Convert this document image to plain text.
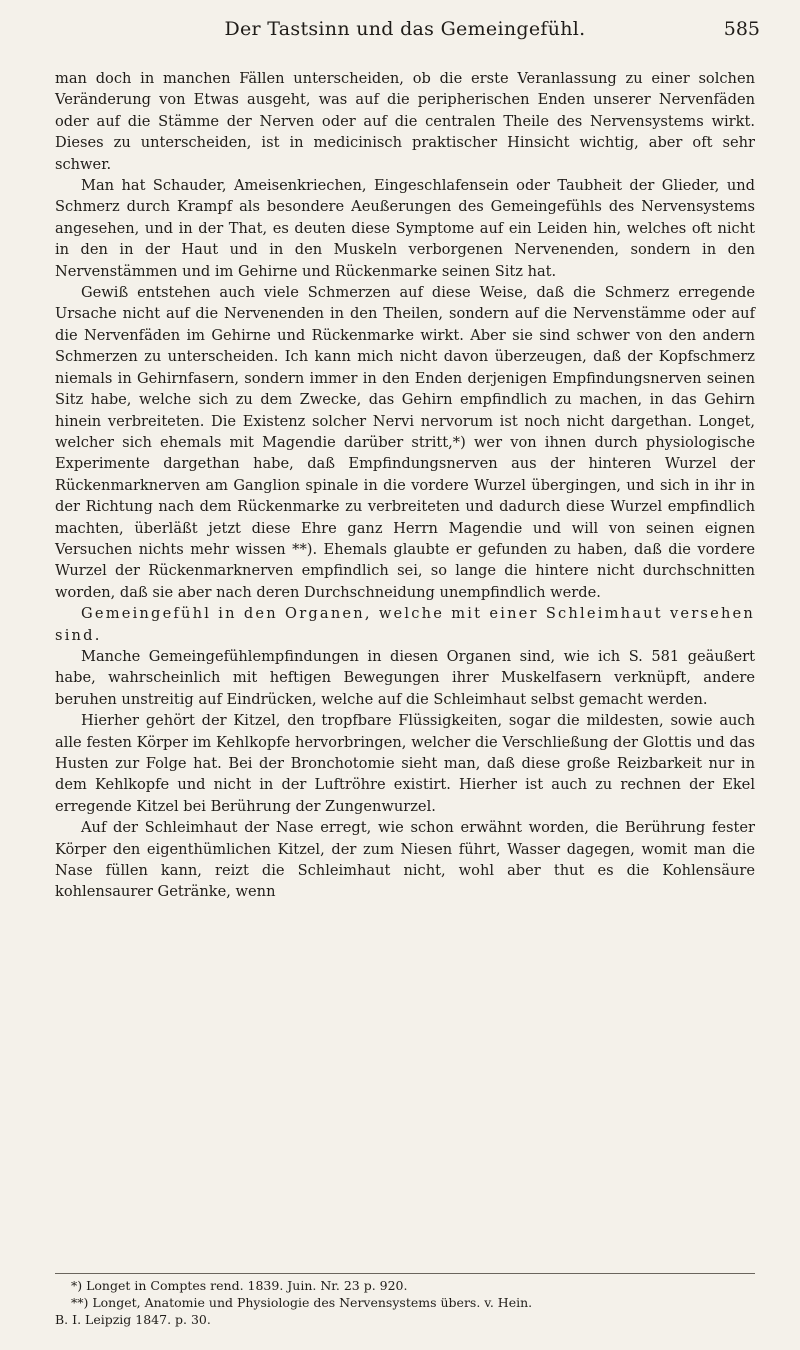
Der Tastsinn und das Gemeingefühl.	585

man doch in manchen Fällen unterscheiden, ob die erste Veranlassung zu einer solchen Veränderung von Etwas ausgeht, was auf die peripherischen Enden unserer Nervenfäden oder auf die Stämme der Nerven oder auf die centralen Theile des Nervensystems wirkt. Dieses zu unterscheiden, ist in medicinisch praktischer Hinsicht wichtig, aber oft sehr schwer.

Man hat Schauder, Ameisenkriechen, Eingeschlafensein oder Taubheit der Glieder, und Schmerz durch Krampf als besondere Aeußerungen des Gemeingefühls des Nervensystems angesehen, und in der That, es deuten diese Symptome auf ein Leiden hin, welches oft nicht in den in der Haut und in den Muskeln verborgenen Nervenenden, sondern in den Nervenstämmen und im Gehirne und Rückenmarke seinen Sitz hat.

Gewiß entstehen auch viele Schmerzen auf diese Weise, daß die Schmerz erregende Ursache nicht auf die Nervenenden in den Theilen, sondern auf die Nervenstämme oder auf die Nervenfäden im Gehirne und Rückenmarke wirkt. Aber sie sind schwer von den andern Schmerzen zu unterscheiden. Ich kann mich nicht davon überzeugen, daß der Kopfschmerz niemals in Gehirnfasern, sondern immer in den Enden derjenigen Empfindungsnerven seinen Sitz habe, welche sich zu dem Zwecke, das Gehirn empfindlich zu machen, in das Gehirn hinein verbreiteten. Die Existenz solcher Nervi nervorum ist noch nicht dargethan. Longet, welcher sich ehemals mit Magendie darüber stritt,*) wer von ihnen durch physiologische Experimente dargethan habe, daß Empfindungsnerven aus der hinteren Wurzel der Rückenmarknerven am Ganglion spinale in die vordere Wurzel übergingen, und sich in ihr in der Richtung nach dem Rückenmarke zu verbreiteten und dadurch diese Wurzel empfindlich machten, überläßt jetzt diese Ehre ganz Herrn Magendie und will von seinen eignen Versuchen nichts mehr wissen **). Ehemals glaubte er gefunden zu haben, daß die vordere Wurzel der Rückenmarknerven empfindlich sei, so lange die hintere nicht durchschnitten worden, daß sie aber nach deren Durchschneidung unempfindlich werde.

Gemeingefühl in den Organen, welche mit einer Schleimhaut versehen sind.

Manche Gemeingefühlempfindungen in diesen Organen sind, wie ich S. 581 geäußert habe, wahrscheinlich mit heftigen Bewegungen ihrer Muskelfasern verknüpft, andere beruhen unstreitig auf Eindrücken, welche auf die Schleimhaut selbst gemacht werden.

Hierher gehört der Kitzel, den tropfbare Flüssigkeiten, sogar die mildesten, sowie auch alle festen Körper im Kehlkopfe hervorbringen, welcher die Verschließung der Glottis und das Husten zur Folge hat. Bei der Bronchotomie sieht man, daß diese große Reizbarkeit nur in dem Kehlkopfe und nicht in der Luftröhre existirt. Hierher ist auch zu rechnen der Ekel erregende Kitzel bei Berührung der Zungenwurzel.

Auf der Schleimhaut der Nase erregt, wie schon erwähnt worden, die Berührung fester Körper den eigenthümlichen Kitzel, der zum Niesen führt, Wasser dagegen, womit man die Nase füllen kann, reizt die Schleimhaut nicht, wohl aber thut es die Kohlensäure kohlensaurer Getränke, wenn

*) Longet in Comptes rend. 1839. Juin. Nr. 23 p. 920.

**) Longet, Anatomie und Physiologie des Nervensystems übers. v. Hein.

B. I. Leipzig 1847. p. 30.
